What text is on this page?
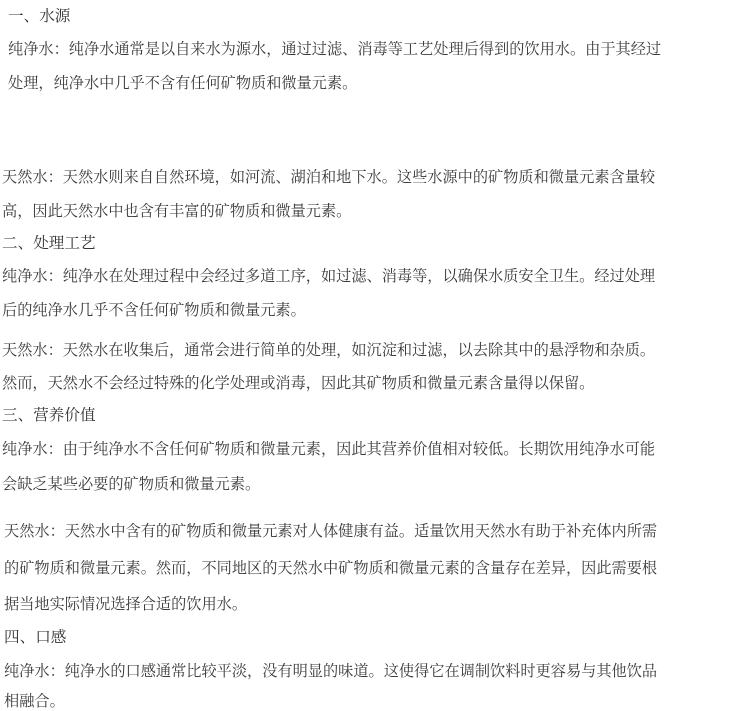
一、水源
纯净水：纯净水通常是以自来水为源水，通过过滤、消毒等工艺处理后得到的饮用水。由于其经过
处理，纯净水中几乎不含有任何矿物质和微量元素。
天然水：天然水则来自自然环境，如河流、湖泊和地下水。这些水源中的矿物质和微量元素含量较
高，因此天然水中也含有丰富的矿物质和微量元素。
二、处理工艺
纯净水：纯净水在处理过程中会经过多道工序，如过滤、消毒等，以确保水质安全卫生。经过处理
后的纯净水几乎不含任何矿物质和微量元素。
天然水：天然水在收集后，通常会进行简单的处理，如沉淀和过滤，以去除其中的悬浮物和杂质。
然而，天然水不会经过特殊的化学处理或消毒，因此其矿物质和微量元素含量得以保留。
三、营养价值
纯净水：由于纯净水不含任何矿物质和微量元素，因此其营养价值相对较低。长期饮用纯净水可能
会缺乏某些必要的矿物质和微量元素。
天然水：天然水中含有的矿物质和微量元素对人体健康有益。适量饮用天然水有助于补充体内所需
的矿物质和微量元素。然而，不同地区的天然水中矿物质和微量元素的含量存在差异，因此需要根
据当地实际情况选择合适的饮用水。
四、口感
纯净水：纯净水的口感通常比较平淡，没有明显的味道。这使得它在调制饮料时更容易与其他饮品
相融合。
